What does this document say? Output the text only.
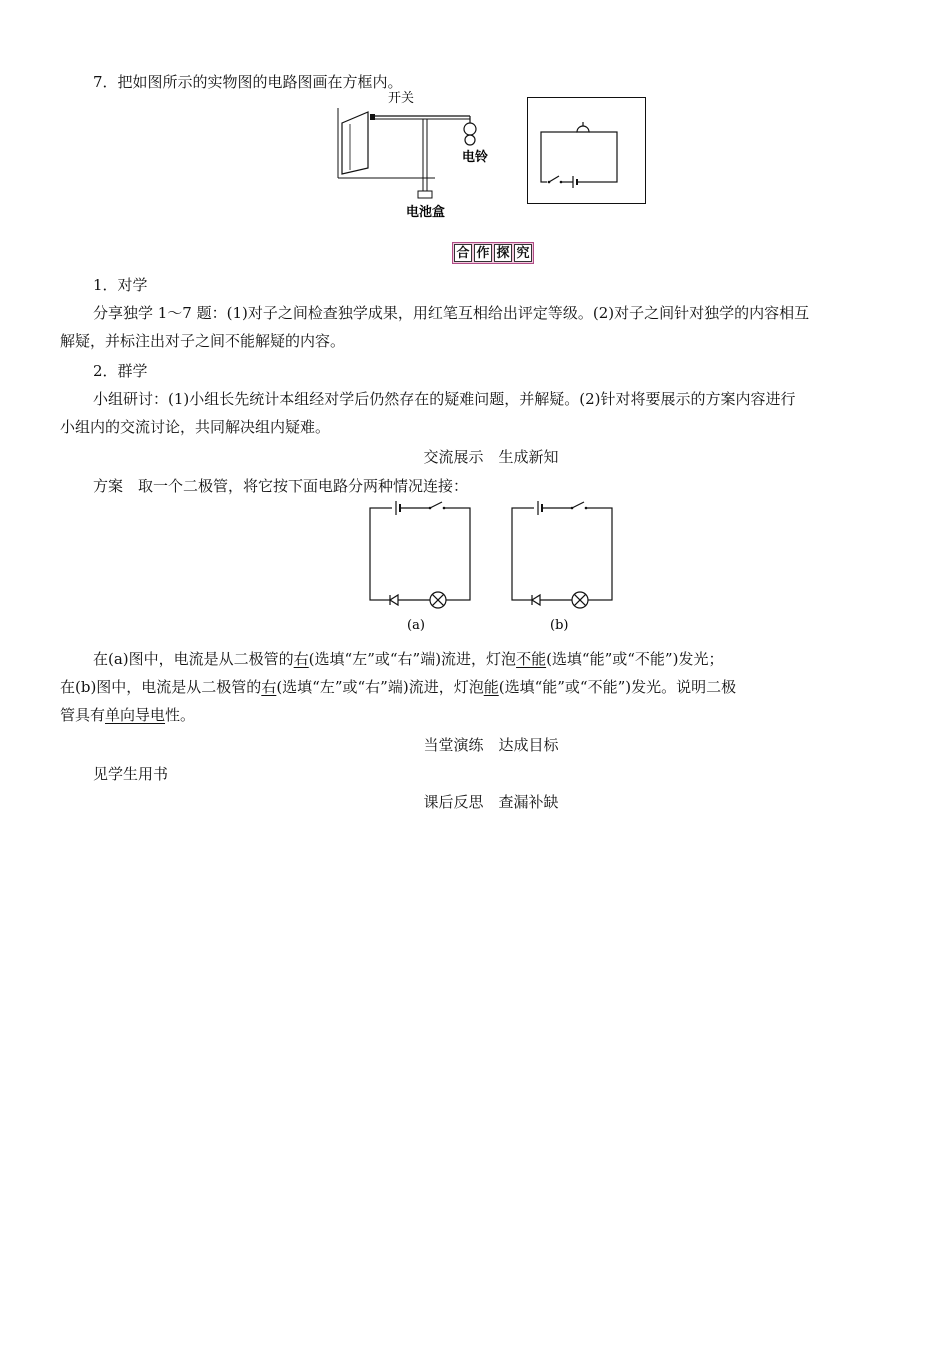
7．把如图所示的实物图的电路图画在方框内。
开关
电铃
电池盒
合 作 探 究
1．对学
分享独学 1～7 题：(1)对子之间检查独学成果，用红笔互相给出评定等级。(2)对子之间针对独学的内容相互
解疑，并标注出对子之间不能解疑的内容。
2．群学
小组研讨：(1)小组长先统计本组经对学后仍然存在的疑难问题，并解疑。(2)针对将要展示的方案内容进行
小组内的交流讨论，共同解决组内疑难。
交流展示　生成新知
方案　取一个二极管，将它按下面电路分两种情况连接：
(a)	(b)
在(a)图中，电流是从二极管的右(选填“左”或“右”端)流进，灯泡不能(选填“能”或“不能”)发光；
在(b)图中，电流是从二极管的右(选填“左”或“右”端)流进，灯泡能(选填“能”或“不能”)发光。说明二极
管具有单向导电性。
当堂演练　达成目标
见学生用书
课后反思　查漏补缺
